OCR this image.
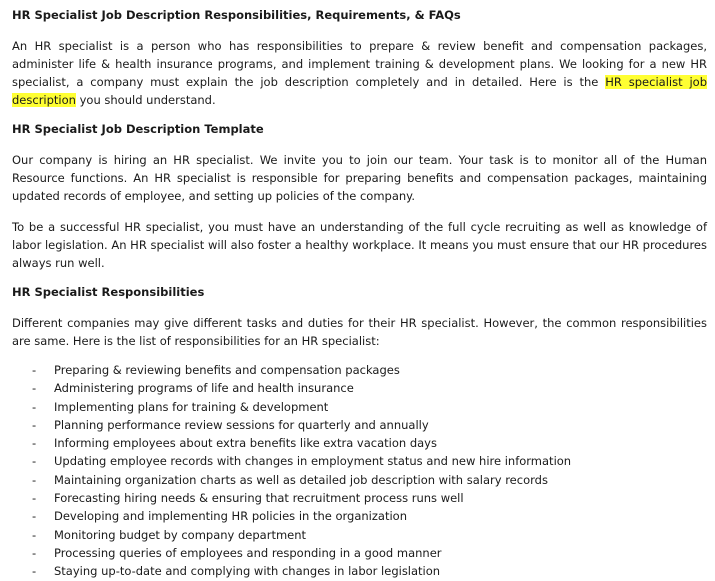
HR Specialist Job Description Responsibilities, Requirements, & FAQs

An HR specialist is a person who has responsibilities to prepare & review benefit and compensation packages, administer life & health insurance programs, and implement training & development plans. We looking for a new HR specialist, a company must explain the job description completely and in detailed. Here is the HR specialist job description you should understand.

HR Specialist Job Description Template

Our company is hiring an HR specialist. We invite you to join our team. Your task is to monitor all of the Human Resource functions. An HR specialist is responsible for preparing benefits and compensation packages, maintaining updated records of employee, and setting up policies of the company.

To be a successful HR specialist, you must have an understanding of the full cycle recruiting as well as knowledge of labor legislation. An HR specialist will also foster a healthy workplace. It means you must ensure that our HR procedures always run well.

HR Specialist Responsibilities

Different companies may give different tasks and duties for their HR specialist. However, the common responsibilities are same. Here is the list of responsibilities for an HR specialist:

- Preparing & reviewing benefits and compensation packages
- Administering programs of life and health insurance
- Implementing plans for training & development
- Planning performance review sessions for quarterly and annually
- Informing employees about extra benefits like extra vacation days
- Updating employee records with changes in employment status and new hire information
- Maintaining organization charts as well as detailed job description with salary records
- Forecasting hiring needs & ensuring that recruitment process runs well
- Developing and implementing HR policies in the organization
- Monitoring budget by company department
- Processing queries of employees and responding in a good manner
- Staying up-to-date and complying with changes in labor legislation
